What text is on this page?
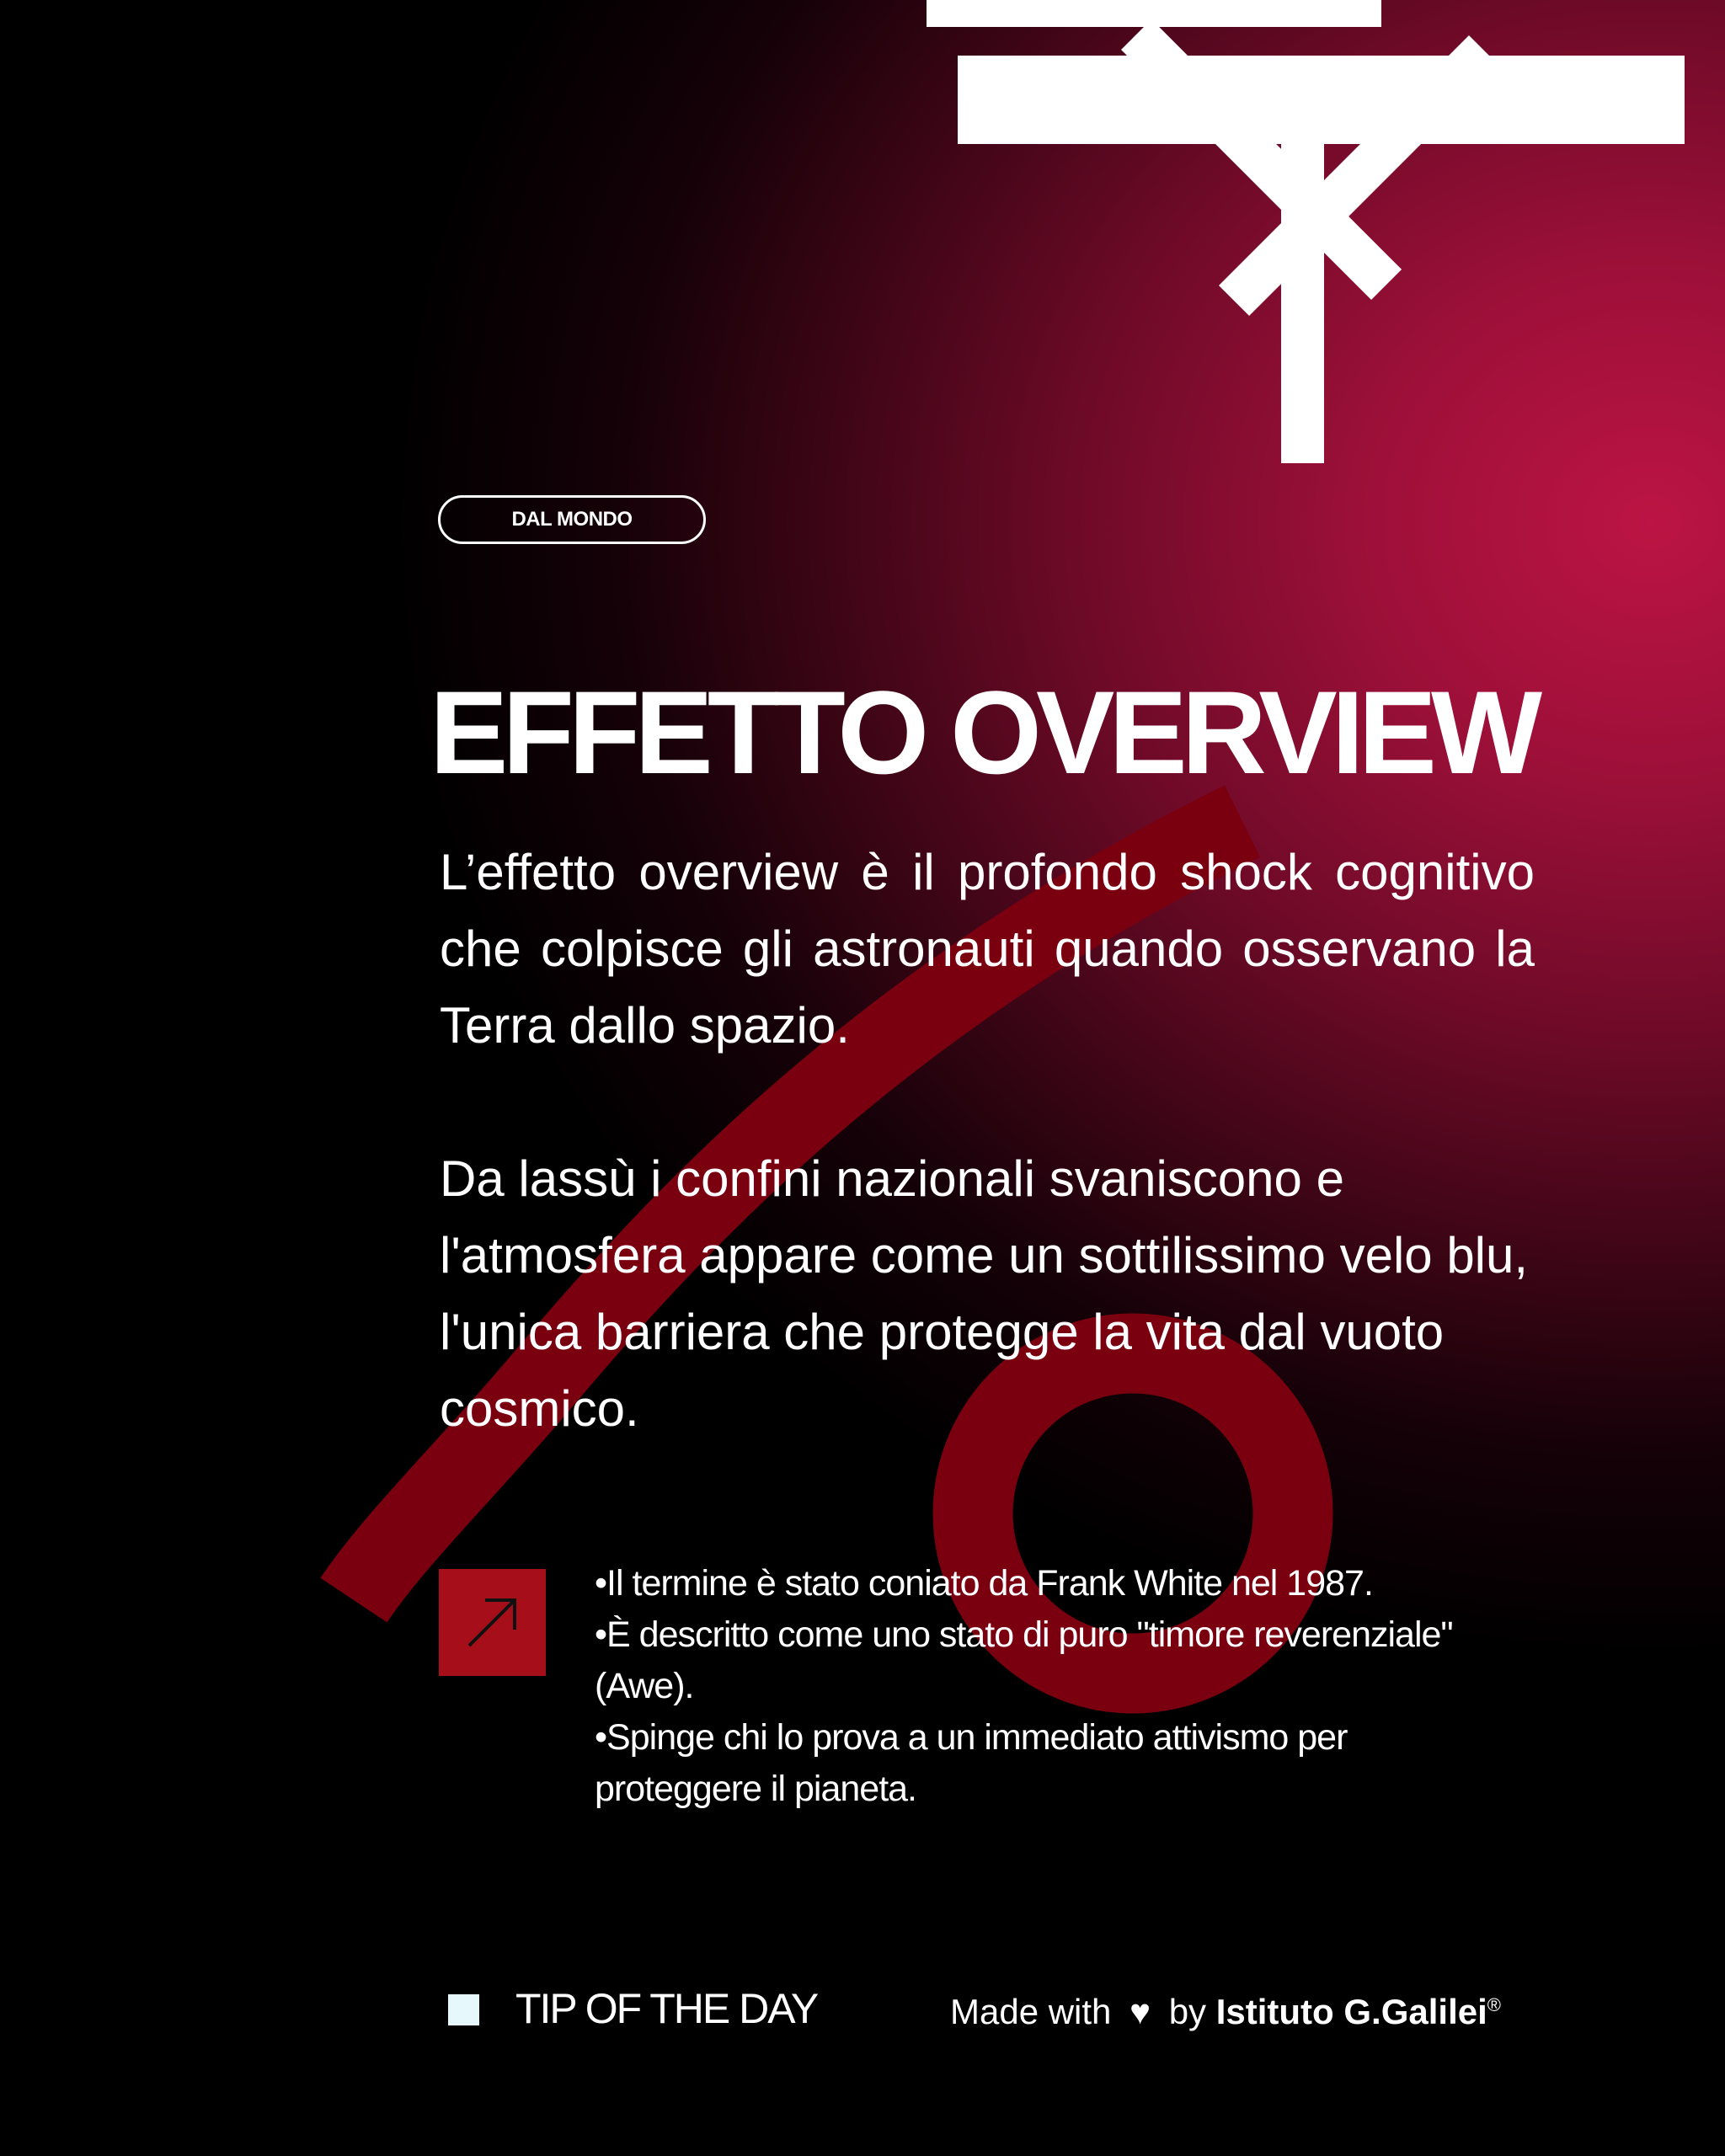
DAL MONDO
EFFETTO OVERVIEW

L’effetto overview è il profondo shock cognitivo che colpisce gli astronauti quando osservano la Terra dallo spazio.

Da lassù i confini nazionali svaniscono e l'atmosfera appare come un sottilissimo velo blu, l'unica barriera che protegge la vita dal vuoto cosmico.

•Il termine è stato coniato da Frank White nel 1987.
•È descritto come uno stato di puro "timore reverenziale" (Awe).
•Spinge chi lo prova a un immediato attivismo per proteggere il pianeta.
TIP OF THE DAY	Made with ♥ by Istituto G.Galilei®
